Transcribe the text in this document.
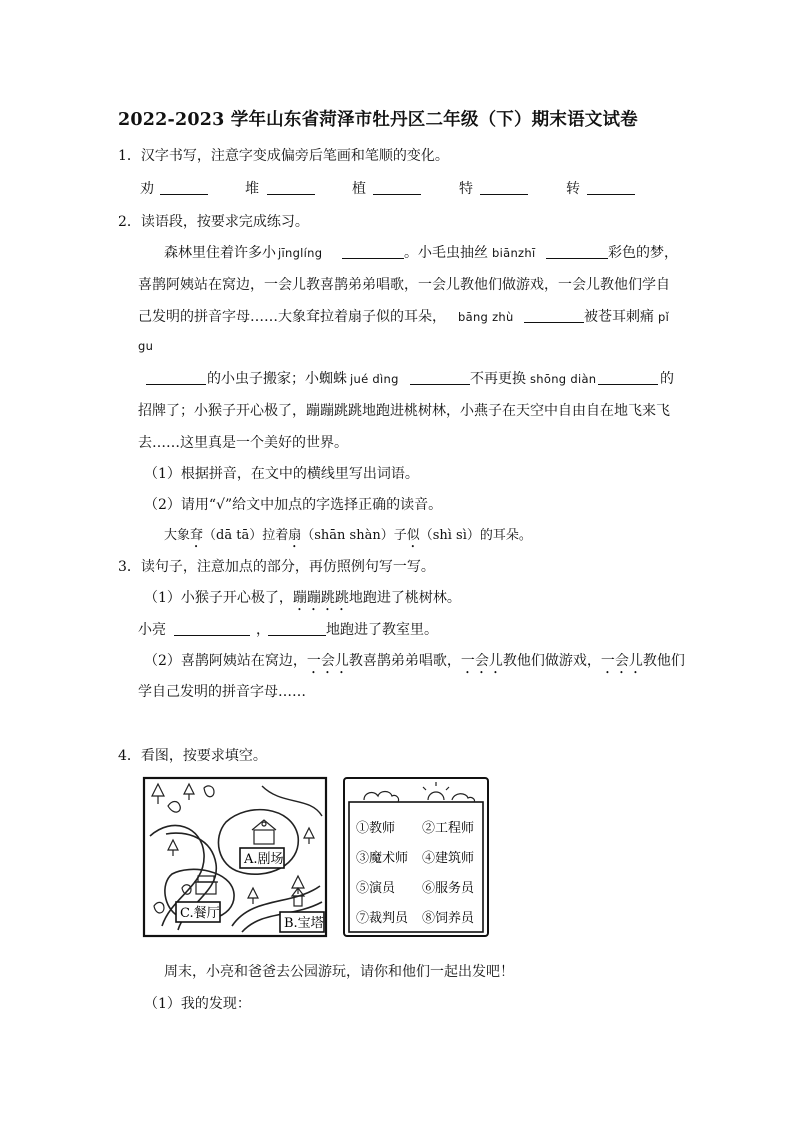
2022-2023 学年山东省菏泽市牡丹区二年级（下）期末语文试卷
1．汉字书写，注意字变成偏旁后笔画和笔顺的变化。
劝	堆	植	特	转
2．读语段，按要求完成练习。
森林里住着许多小 jīnglíng	。小毛虫抽丝 biānzhī	彩色的梦，
喜鹊阿姨站在窝边，一会儿教喜鹊弟弟唱歌，一会儿教他们做游戏，一会儿教他们学自
己发明的拼音字母……大象耷拉着扇子似的耳朵， bāng zhù	被苍耳刺痛 pǐ
gu
的小虫子搬家；小蜘蛛 jué dìng	不再更换 shōng diàn	的
招牌了；小猴子开心极了，蹦蹦跳跳地跑进桃树林，小燕子在天空中自由自在地飞来飞
去……这里真是一个美好的世界。
（1）根据拼音，在文中的横线里写出词语。
（2）请用“√”给文中加点的字选择正确的读音。
大象耷（dā tā）拉着扇（shān shàn）子似（shì sì）的耳朵。
3．读句子，注意加点的部分，再仿照例句写一写。
（1）小猴子开心极了，蹦蹦跳跳地跑进了桃树林。
小亮	，	地跑进了教室里。
（2）喜鹊阿姨站在窝边，一会儿教喜鹊弟弟唱歌，一会儿教他们做游戏，一会儿教他们
学自己发明的拼音字母……
4．看图，按要求填空。
A.剧场
C.餐厅
B.宝塔
①教师 ②工程师
③魔术师 ④建筑师
⑤演员 ⑥服务员
⑦裁判员 ⑧饲养员
周末，小亮和爸爸去公园游玩，请你和他们一起出发吧！
（1）我的发现：
